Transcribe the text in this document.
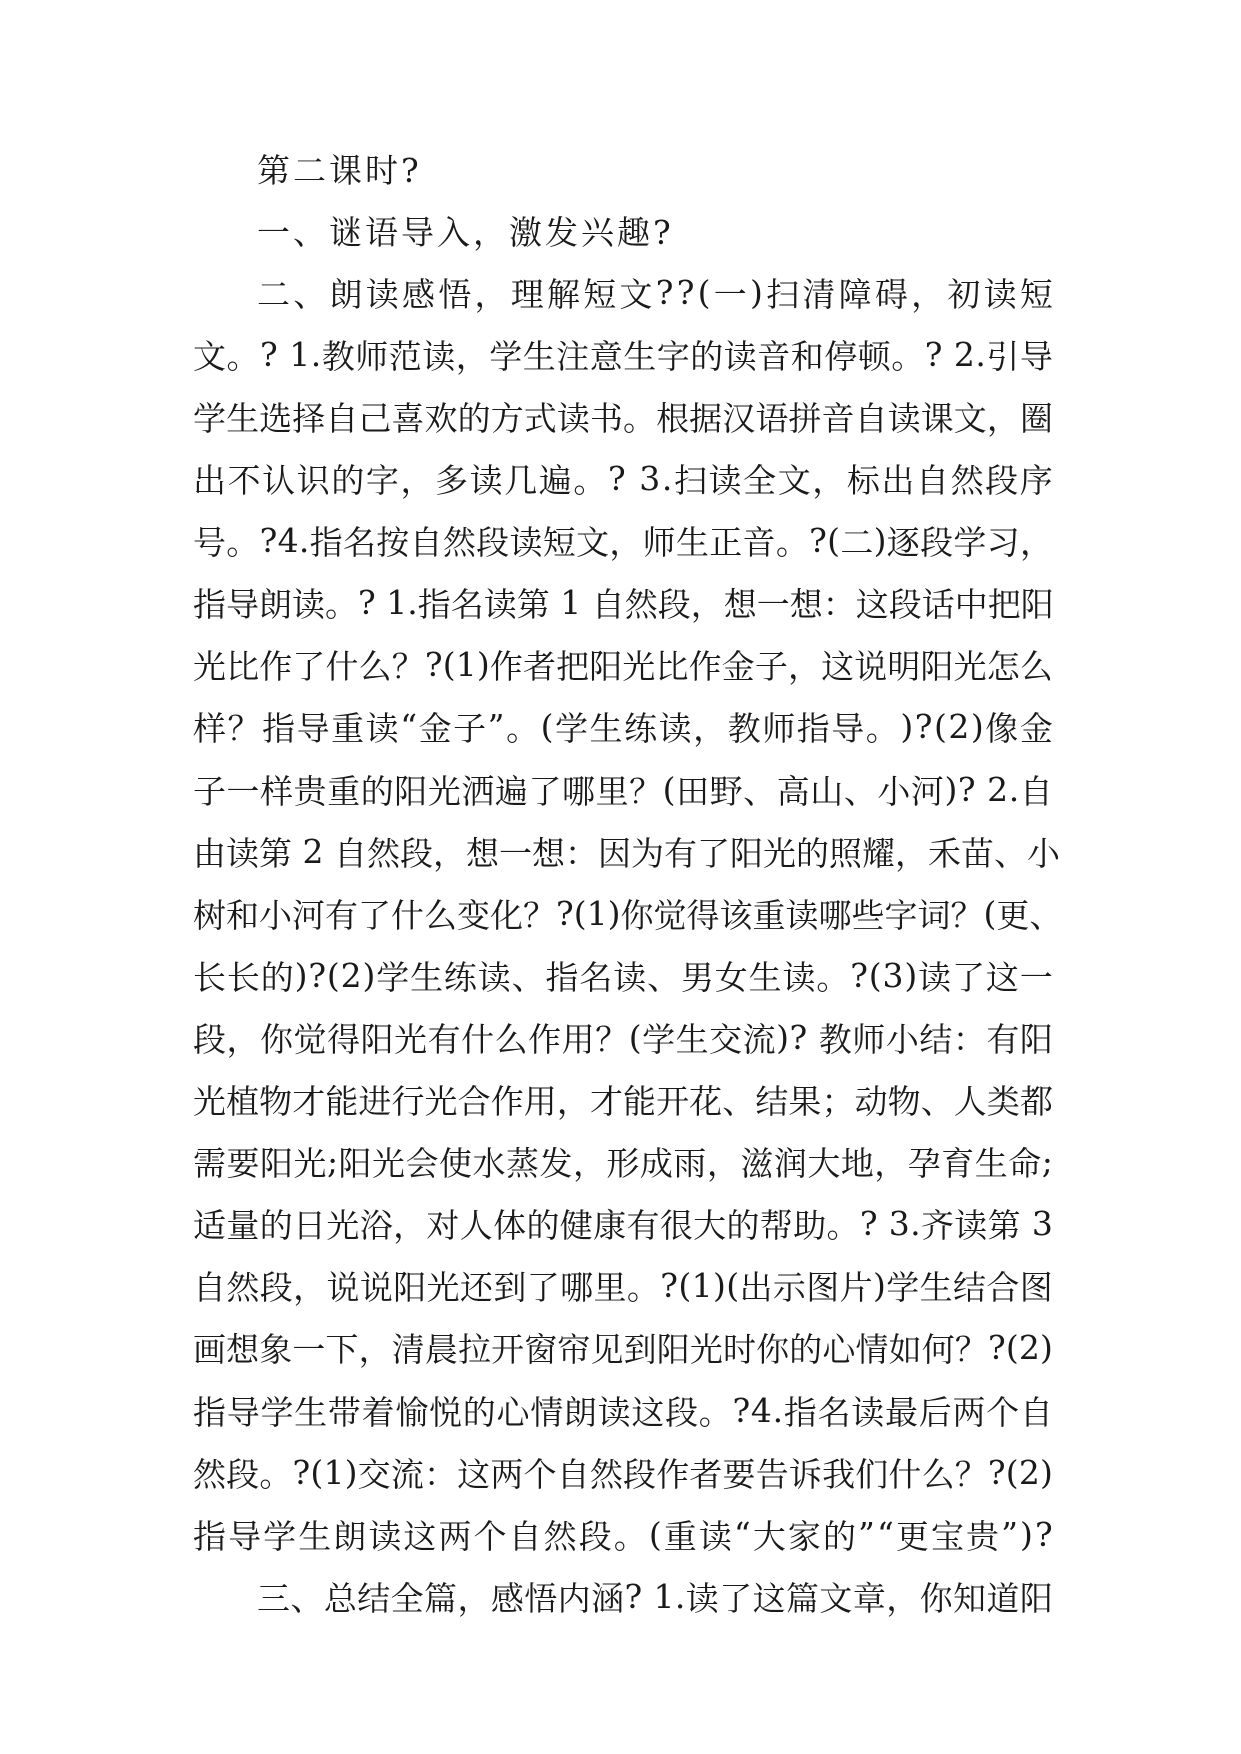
第二课时?
一、谜语导入，激发兴趣?
二 、 朗 读 感 悟 ， 理 解 短 文 ? ? ( 一 ) 扫 清 障 碍 ， 初 读 短
文 。 ?
1 . 教 师 范 读 ， 学 生 注 意 生 字 的 读 音 和 停 顿 。 ?
2 . 引 导
学 生 选 择 自 己 喜 欢 的 方 式 读 书 。 根 据 汉 语 拼 音 自 读 课 文 ， 圈
出 不 认 识 的 字 ， 多 读 几 遍 。 ?
3 . 扫 读 全 文 ， 标 出 自 然 段 序
号 。 ? 4 . 指 名 按 自 然 段 读 短 文 ， 师 生 正 音 。 ? ( 二 ) 逐 段 学 习 ，
指 导 朗 读 。 ?
1 . 指 名 读 第
1
自 然 段 ， 想 一 想 ： 这 段 话 中 把 阳
光 比 作 了 什 么 ？ ? ( 1 ) 作 者 把 阳 光 比 作 金 子 ， 这 说 明 阳 光 怎 么
样 ？ 指 导 重 读 “ 金 子 ” 。 ( 学 生 练 读 ， 教 师 指 导 。 ) ? ( 2 ) 像 金
子 一 样 贵 重 的 阳 光 洒 遍 了 哪 里 ？ ( 田 野 、 高 山 、 小 河 ) ?
2 . 自
由 读 第
2
自 然 段 ， 想 一 想 ： 因 为 有 了 阳 光 的 照 耀 ， 禾 苗 、 小
树 和 小 河 有 了 什 么 变 化 ？ ? ( 1 ) 你 觉 得 该 重 读 哪 些 字 词 ？ ( 更 、
长 长 的 ) ? ( 2 ) 学 生 练 读 、 指 名 读 、 男 女 生 读 。 ? ( 3 ) 读 了 这 一
段 ， 你 觉 得 阳 光 有 什 么 作 用 ？ ( 学 生 交 流 ) ?
教 师 小 结 ： 有 阳
光 植 物 才 能 进 行 光 合 作 用 ， 才 能 开 花 、 结 果 ； 动 物 、 人 类 都
需 要 阳 光 ; 阳 光 会 使 水 蒸 发 ， 形 成 雨 ， 滋 润 大 地 ， 孕 育 生 命 ;
适 量 的 日 光 浴 ， 对 人 体 的 健 康 有 很 大 的 帮 助 。 ?
3 . 齐 读 第
3
自 然 段 ， 说 说 阳 光 还 到 了 哪 里 。 ? ( 1 ) ( 出 示 图 片 ) 学 生 结 合 图
画 想 象 一 下 ， 清 晨 拉 开 窗 帘 见 到 阳 光 时 你 的 心 情 如 何 ？ ? ( 2 )
指 导 学 生 带 着 愉 悦 的 心 情 朗 读 这 段 。 ? 4 . 指 名 读 最 后 两 个 自
然 段 。 ? ( 1 ) 交 流 ： 这 两 个 自 然 段 作 者 要 告 诉 我 们 什 么 ？ ? ( 2 )
指 导 学 生 朗 读 这 两 个 自 然 段 。 ( 重 读 “ 大 家 的 ” “ 更 宝 贵 ” ) ?
三 、 总 结 全 篇 ， 感 悟 内 涵 ?
1 . 读 了 这 篇 文 章 ， 你 知 道 阳
